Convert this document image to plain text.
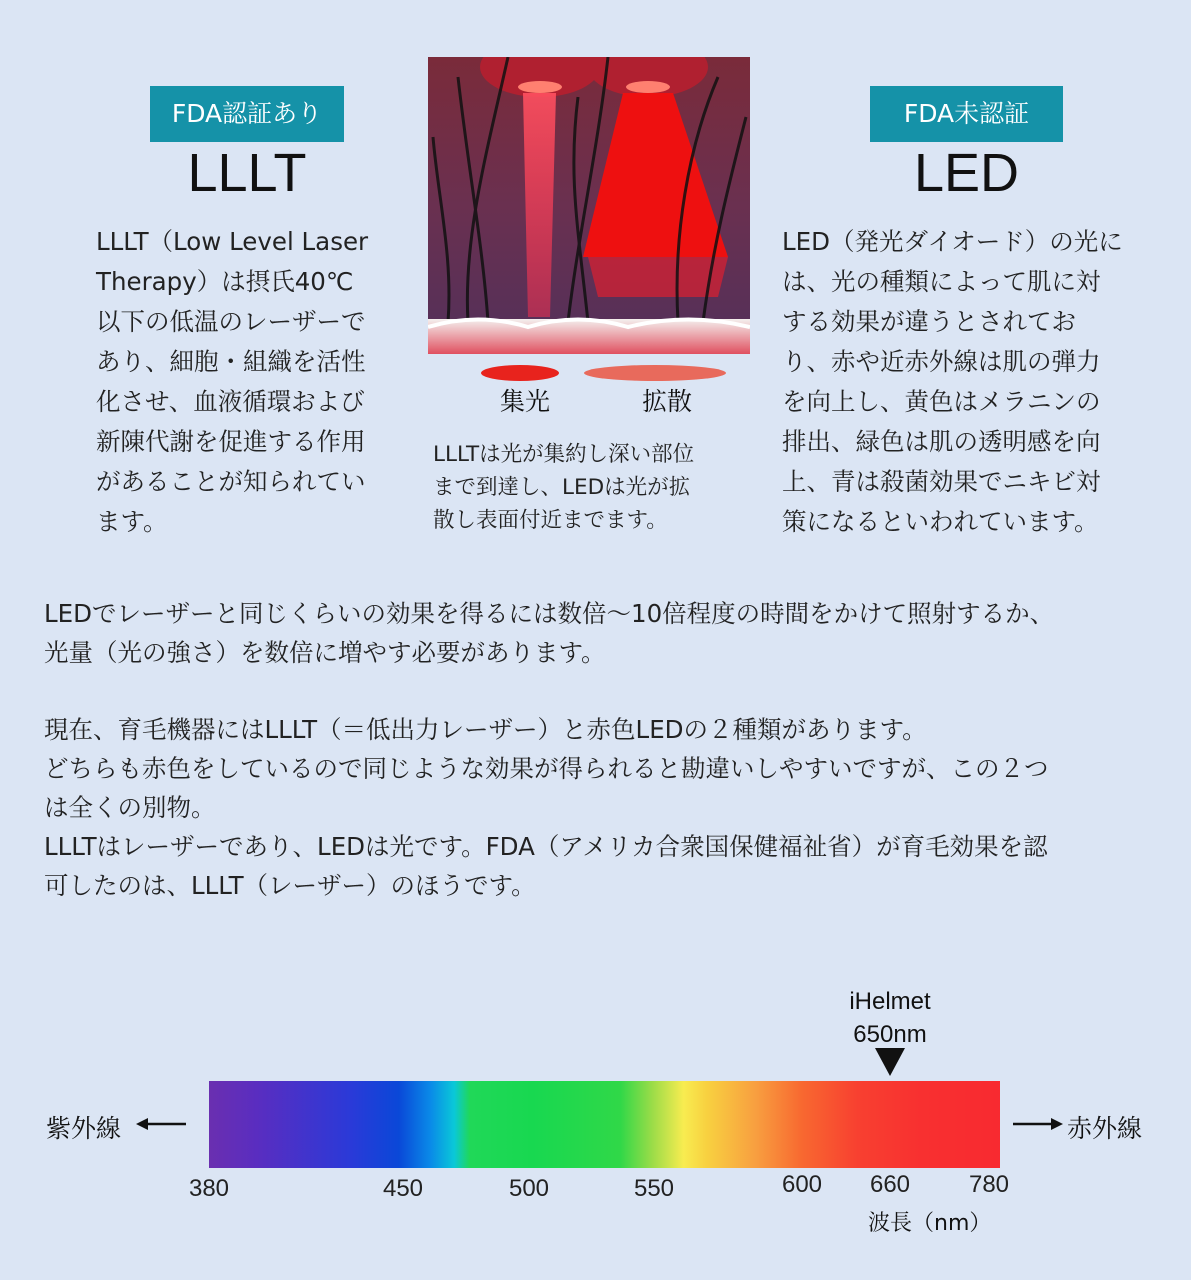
FDA認証あり
LLLT
LLLT（Low Level Laser
Therapy）は摂氏40℃
以下の低温のレーザーで
あり、細胞・組織を活性
化させ、血液循環および
新陳代謝を促進する作用
があることが知られてい
ます。
集光	拡散
LLLTは光が集約し深い部位
まで到達し、LEDは光が拡
散し表面付近までます。
FDA未認証
LED
LED（発光ダイオード）の光に
は、光の種類によって肌に対
する効果が違うとされてお
り、赤や近赤外線は肌の弾力
を向上し、黄色はメラニンの
排出、緑色は肌の透明感を向
上、青は殺菌効果でニキビ対
策になるといわれています。
LEDでレーザーと同じくらいの効果を得るには数倍〜10倍程度の時間をかけて照射するか、
光量（光の強さ）を数倍に増やす必要があります。
現在、育毛機器にはLLLT（＝低出力レーザー）と赤色LEDの２種類があります。
どちらも赤色をしているので同じような効果が得られると勘違いしやすいですが、この２つ
は全くの別物。
LLLTはレーザーであり、LEDは光です。FDA（アメリカ合衆国保健福祉省）が育毛効果を認
可したのは、LLLT（レーザー）のほうです。
iHelmet
650nm
紫外線	赤外線
380	450	500	550	600 660 780
波長（nm）
